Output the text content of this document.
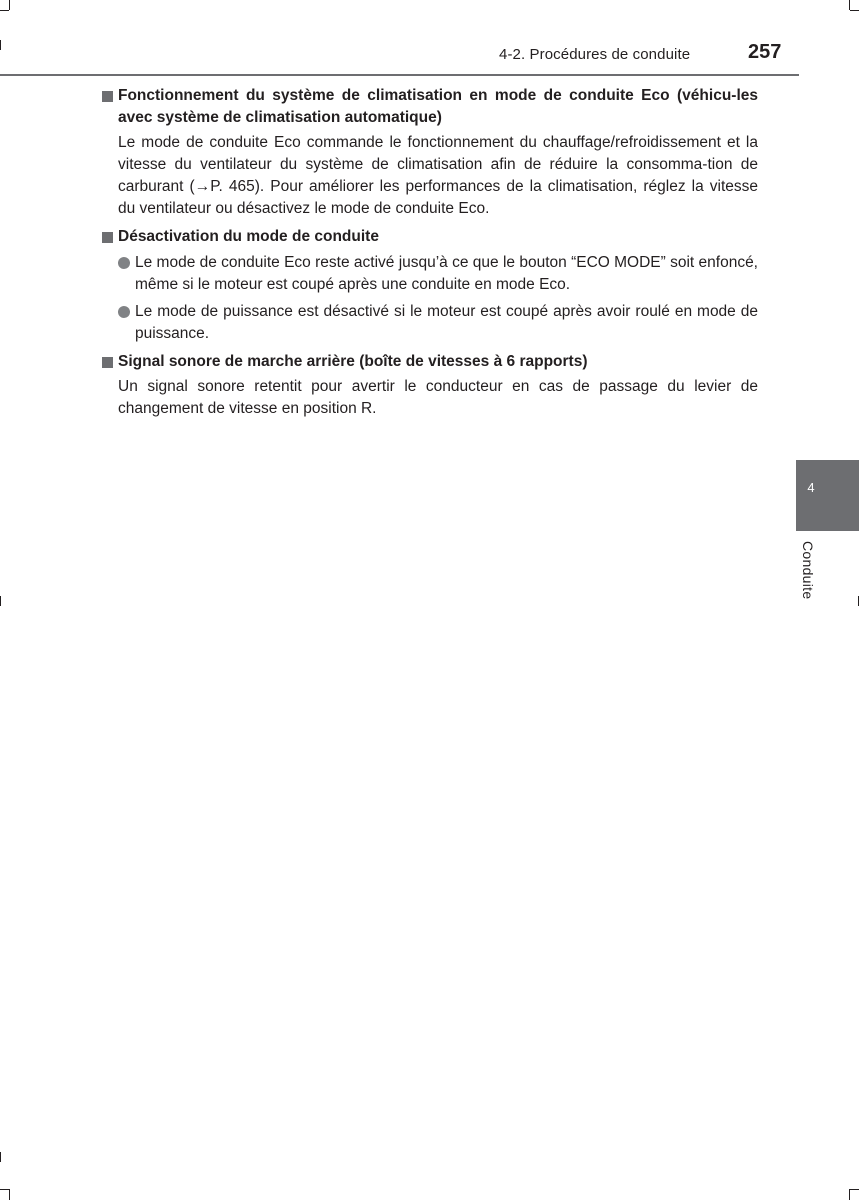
4-2. Procédures de conduite	257
Fonctionnement du système de climatisation en mode de conduite Eco (véhicu-les avec système de climatisation automatique)
Le mode de conduite Eco commande le fonctionnement du chauffage/refroidissement et la vitesse du ventilateur du système de climatisation afin de réduire la consomma-tion de carburant (→P. 465). Pour améliorer les performances de la climatisation, réglez la vitesse du ventilateur ou désactivez le mode de conduite Eco.
Désactivation du mode de conduite
Le mode de conduite Eco reste activé jusqu’à ce que le bouton “ECO MODE” soit enfoncé, même si le moteur est coupé après une conduite en mode Eco.
Le mode de puissance est désactivé si le moteur est coupé après avoir roulé en mode de puissance.
Signal sonore de marche arrière (boîte de vitesses à 6 rapports)
Un signal sonore retentit pour avertir le conducteur en cas de passage du levier de changement de vitesse en position R.
4
Conduite
